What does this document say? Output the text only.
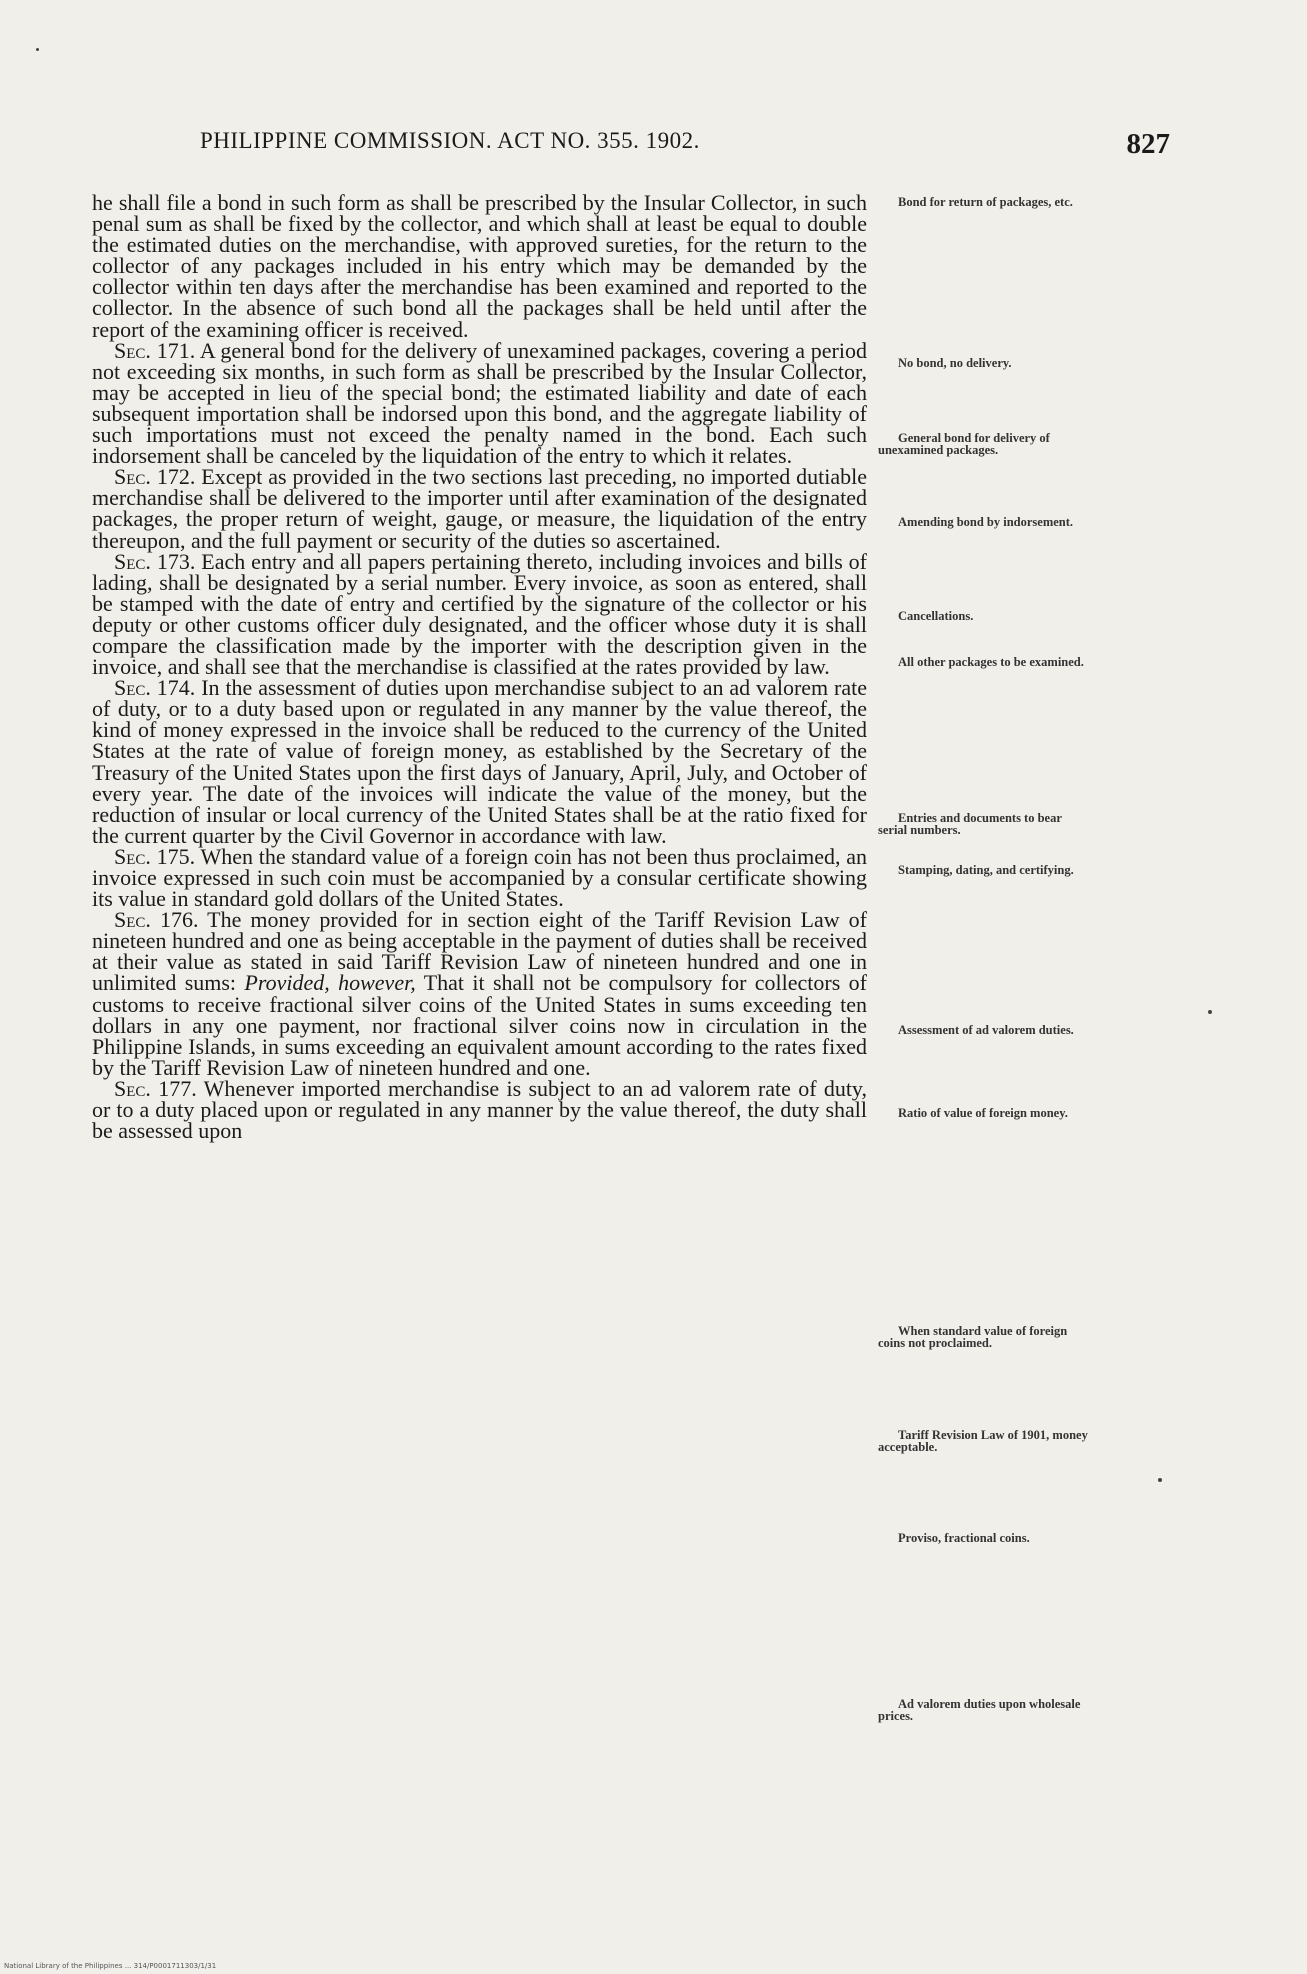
PHILIPPINE COMMISSION. ACT NO. 355. 1902.	827

he shall file a bond in such form as shall be prescribed by the Insular Collector, in such penal sum as shall be fixed by the collector, and which shall at least be equal to double the estimated duties on the merchandise, with approved sureties, for the return to the collector of any packages included in his entry which may be demanded by the collector within ten days after the merchandise has been examined and reported to the collector. In the absence of such bond all the packages shall be held until after the report of the examining officer is received.

Sec. 171. A general bond for the delivery of unexamined packages, covering a period not exceeding six months, in such form as shall be prescribed by the Insular Collector, may be accepted in lieu of the special bond; the estimated liability and date of each subsequent importation shall be indorsed upon this bond, and the aggregate liability of such importations must not exceed the penalty named in the bond. Each such indorsement shall be canceled by the liquidation of the entry to which it relates.

Sec. 172. Except as provided in the two sections last preceding, no imported dutiable merchandise shall be delivered to the importer until after examination of the designated packages, the proper return of weight, gauge, or measure, the liquidation of the entry thereupon, and the full payment or security of the duties so ascertained.

Sec. 173. Each entry and all papers pertaining thereto, including invoices and bills of lading, shall be designated by a serial number. Every invoice, as soon as entered, shall be stamped with the date of entry and certified by the signature of the collector or his deputy or other customs officer duly designated, and the officer whose duty it is shall compare the classification made by the importer with the description given in the invoice, and shall see that the merchandise is classified at the rates provided by law.

Sec. 174. In the assessment of duties upon merchandise subject to an ad valorem rate of duty, or to a duty based upon or regulated in any manner by the value thereof, the kind of money expressed in the invoice shall be reduced to the currency of the United States at the rate of value of foreign money, as established by the Secretary of the Treasury of the United States upon the first days of January, April, July, and October of every year. The date of the invoices will indicate the value of the money, but the reduction of insular or local currency of the United States shall be at the ratio fixed for the current quarter by the Civil Governor in accordance with law.

Sec. 175. When the standard value of a foreign coin has not been thus proclaimed, an invoice expressed in such coin must be accompanied by a consular certificate showing its value in standard gold dollars of the United States.

Sec. 176. The money provided for in section eight of the Tariff Revision Law of nineteen hundred and one as being acceptable in the payment of duties shall be received at their value as stated in said Tariff Revision Law of nineteen hundred and one in unlimited sums: Provided, however, That it shall not be compulsory for collectors of customs to receive fractional silver coins of the United States in sums exceeding ten dollars in any one payment, nor fractional silver coins now in circulation in the Philippine Islands, in sums exceeding an equivalent amount according to the rates fixed by the Tariff Revision Law of nineteen hundred and one.

Sec. 177. Whenever imported merchandise is subject to an ad valorem rate of duty, or to a duty placed upon or regulated in any manner by the value thereof, the duty shall be assessed upon

Bond for return of packages, etc.
No bond, no delivery.
General bond for delivery of unexamined packages.
Amending bond by indorsement.
Cancellations.
All other packages to be examined.
Entries and documents to bear serial numbers.
Stamping, dating, and certifying.
Assessment of ad valorem duties.
Ratio of value of foreign money.
When standard value of foreign coins not proclaimed.
Tariff Revision Law of 1901, money acceptable.
Proviso, fractional coins.
Ad valorem duties upon wholesale prices.
National Library of the Philippines ... 314/P0001711303/1/31
